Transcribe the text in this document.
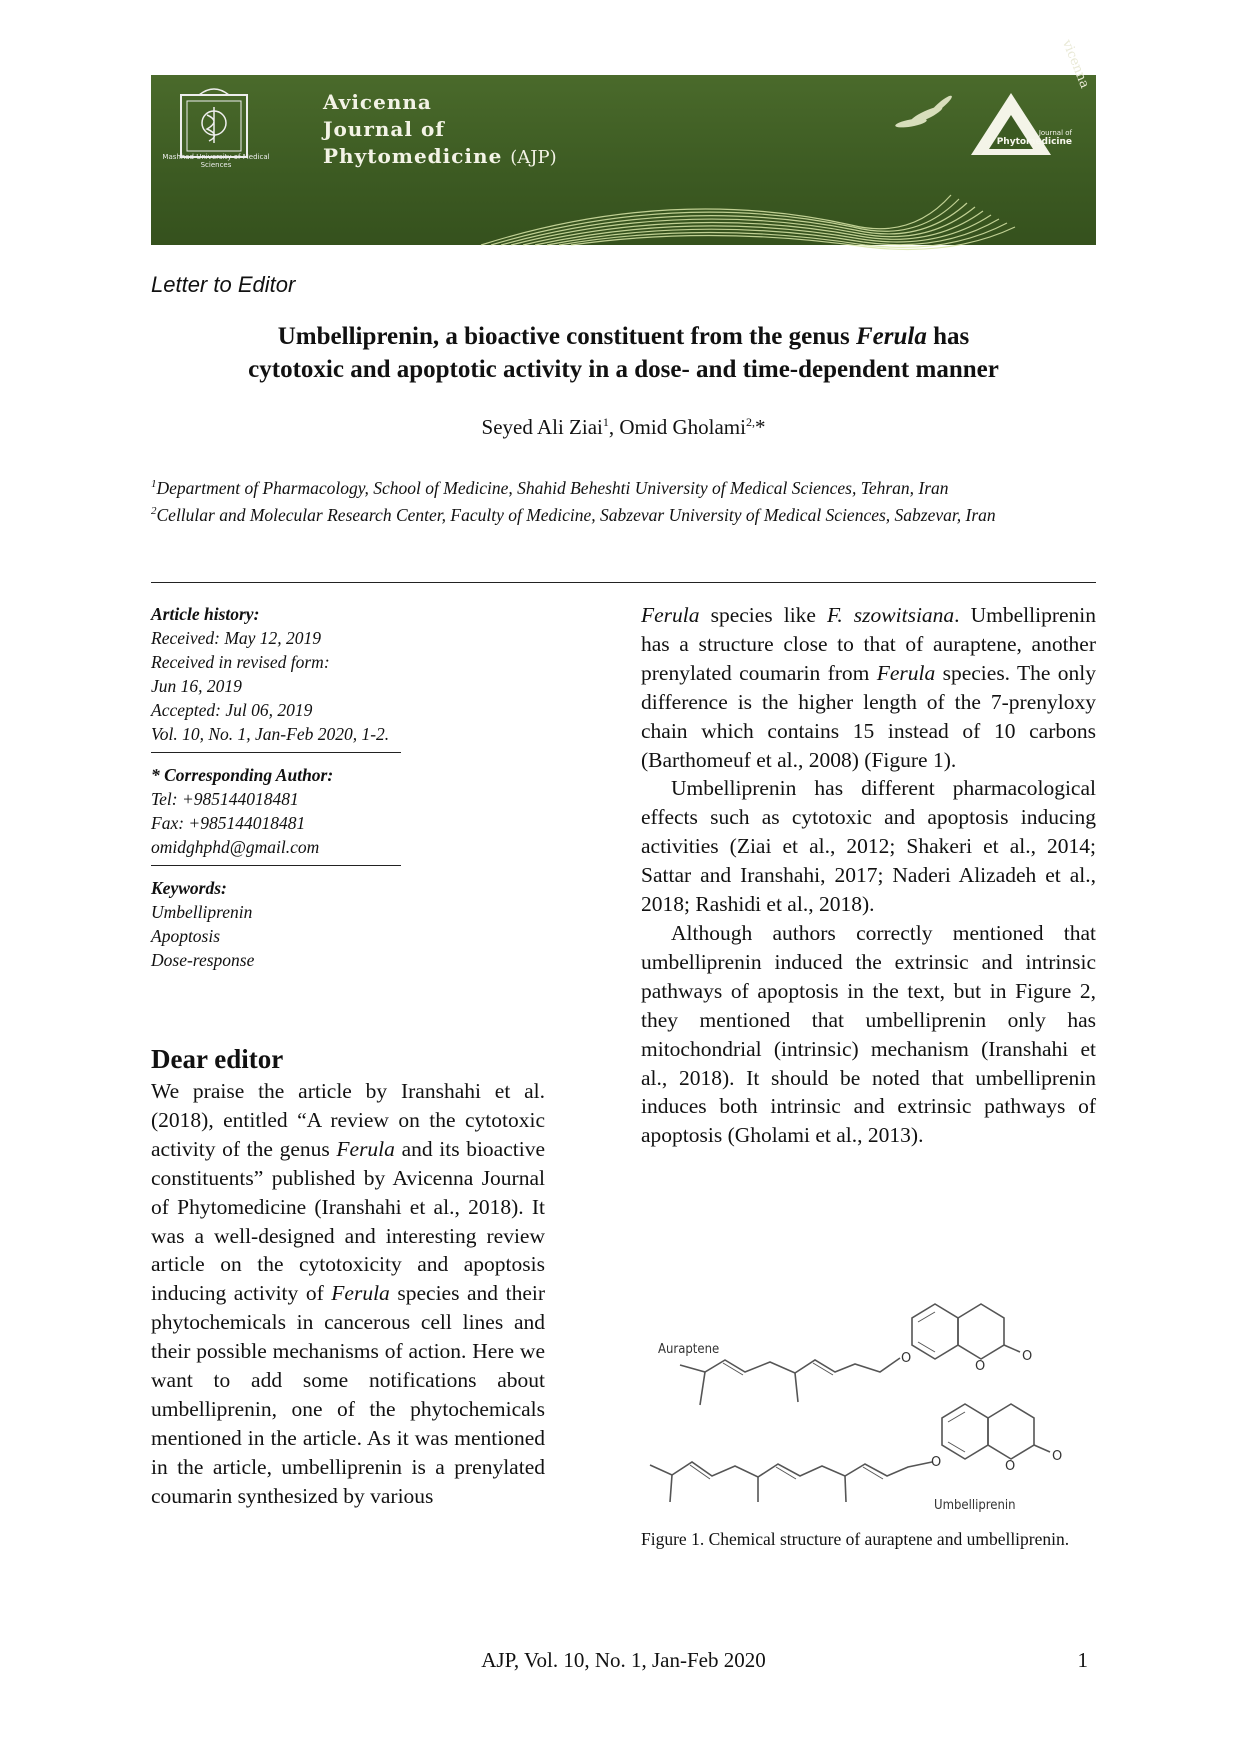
Mashhad University of Medical Sciences
Avicenna
Journal of
Phytomedicine (AJP)
vicenna
Journal of
Phytomedicine
Letter to Editor
Umbelliprenin, a bioactive constituent from the genus Ferula has
cytotoxic and apoptotic activity in a dose- and time-dependent manner
Seyed Ali Ziai$^1$, Omid Gholami$^{2,}$*
$^1$Department of Pharmacology, School of Medicine, Shahid Beheshti University of Medical Sciences, Tehran, Iran
$^2$Cellular and Molecular Research Center, Faculty of Medicine, Sabzevar University of Medical Sciences, Sabzevar, Iran
Article history:
Received: May 12, 2019
Received in revised form:
Jun 16, 2019
Accepted: Jul 06, 2019
Vol. 10, No. 1, Jan-Feb 2020, 1-2.
* Corresponding Author:
Tel: +985144018481
Fax: +985144018481
omidghphd@gmail.com
Keywords:
Umbelliprenin
Apoptosis
Dose-response
Dear editor

We praise the article by Iranshahi et al. (2018), entitled “A review on the cytotoxic activity of the genus Ferula and its bioactive constituents” published by Avicenna Journal of Phytomedicine (Iranshahi et al., 2018). It was a well-designed and interesting review article on the cytotoxicity and apoptosis inducing activity of Ferula species and their phytochemicals in cancerous cell lines and their possible mechanisms of action. Here we want to add some notifications about umbelliprenin, one of the phytochemicals mentioned in the article. As it was mentioned in the article, umbelliprenin is a prenylated coumarin synthesized by various

Ferula species like F. szowitsiana. Umbelliprenin has a structure close to that of auraptene, another prenylated coumarin from Ferula species. The only difference is the higher length of the 7-prenyloxy chain which contains 15 instead of 10 carbons (Barthomeuf et al., 2008) (Figure 1).

Umbelliprenin has different pharmacological effects such as cytotoxic and apoptosis inducing activities (Ziai et al., 2012; Shakeri et al., 2014; Sattar and Iranshahi, 2017; Naderi Alizadeh et al., 2018; Rashidi et al., 2018).

Although authors correctly mentioned that umbelliprenin induced the extrinsic and intrinsic pathways of apoptosis in the text, but in Figure 2, they mentioned that umbelliprenin only has mitochondrial (intrinsic) mechanism (Iranshahi et al., 2018). It should be noted that umbelliprenin induces both intrinsic and extrinsic pathways of apoptosis (Gholami et al., 2013).

O
O
O
O	O
O
Auraptene
Umbelliprenin
Figure 1. Chemical structure of auraptene and umbelliprenin.
AJP, Vol. 10, No. 1, Jan-Feb 2020	1
